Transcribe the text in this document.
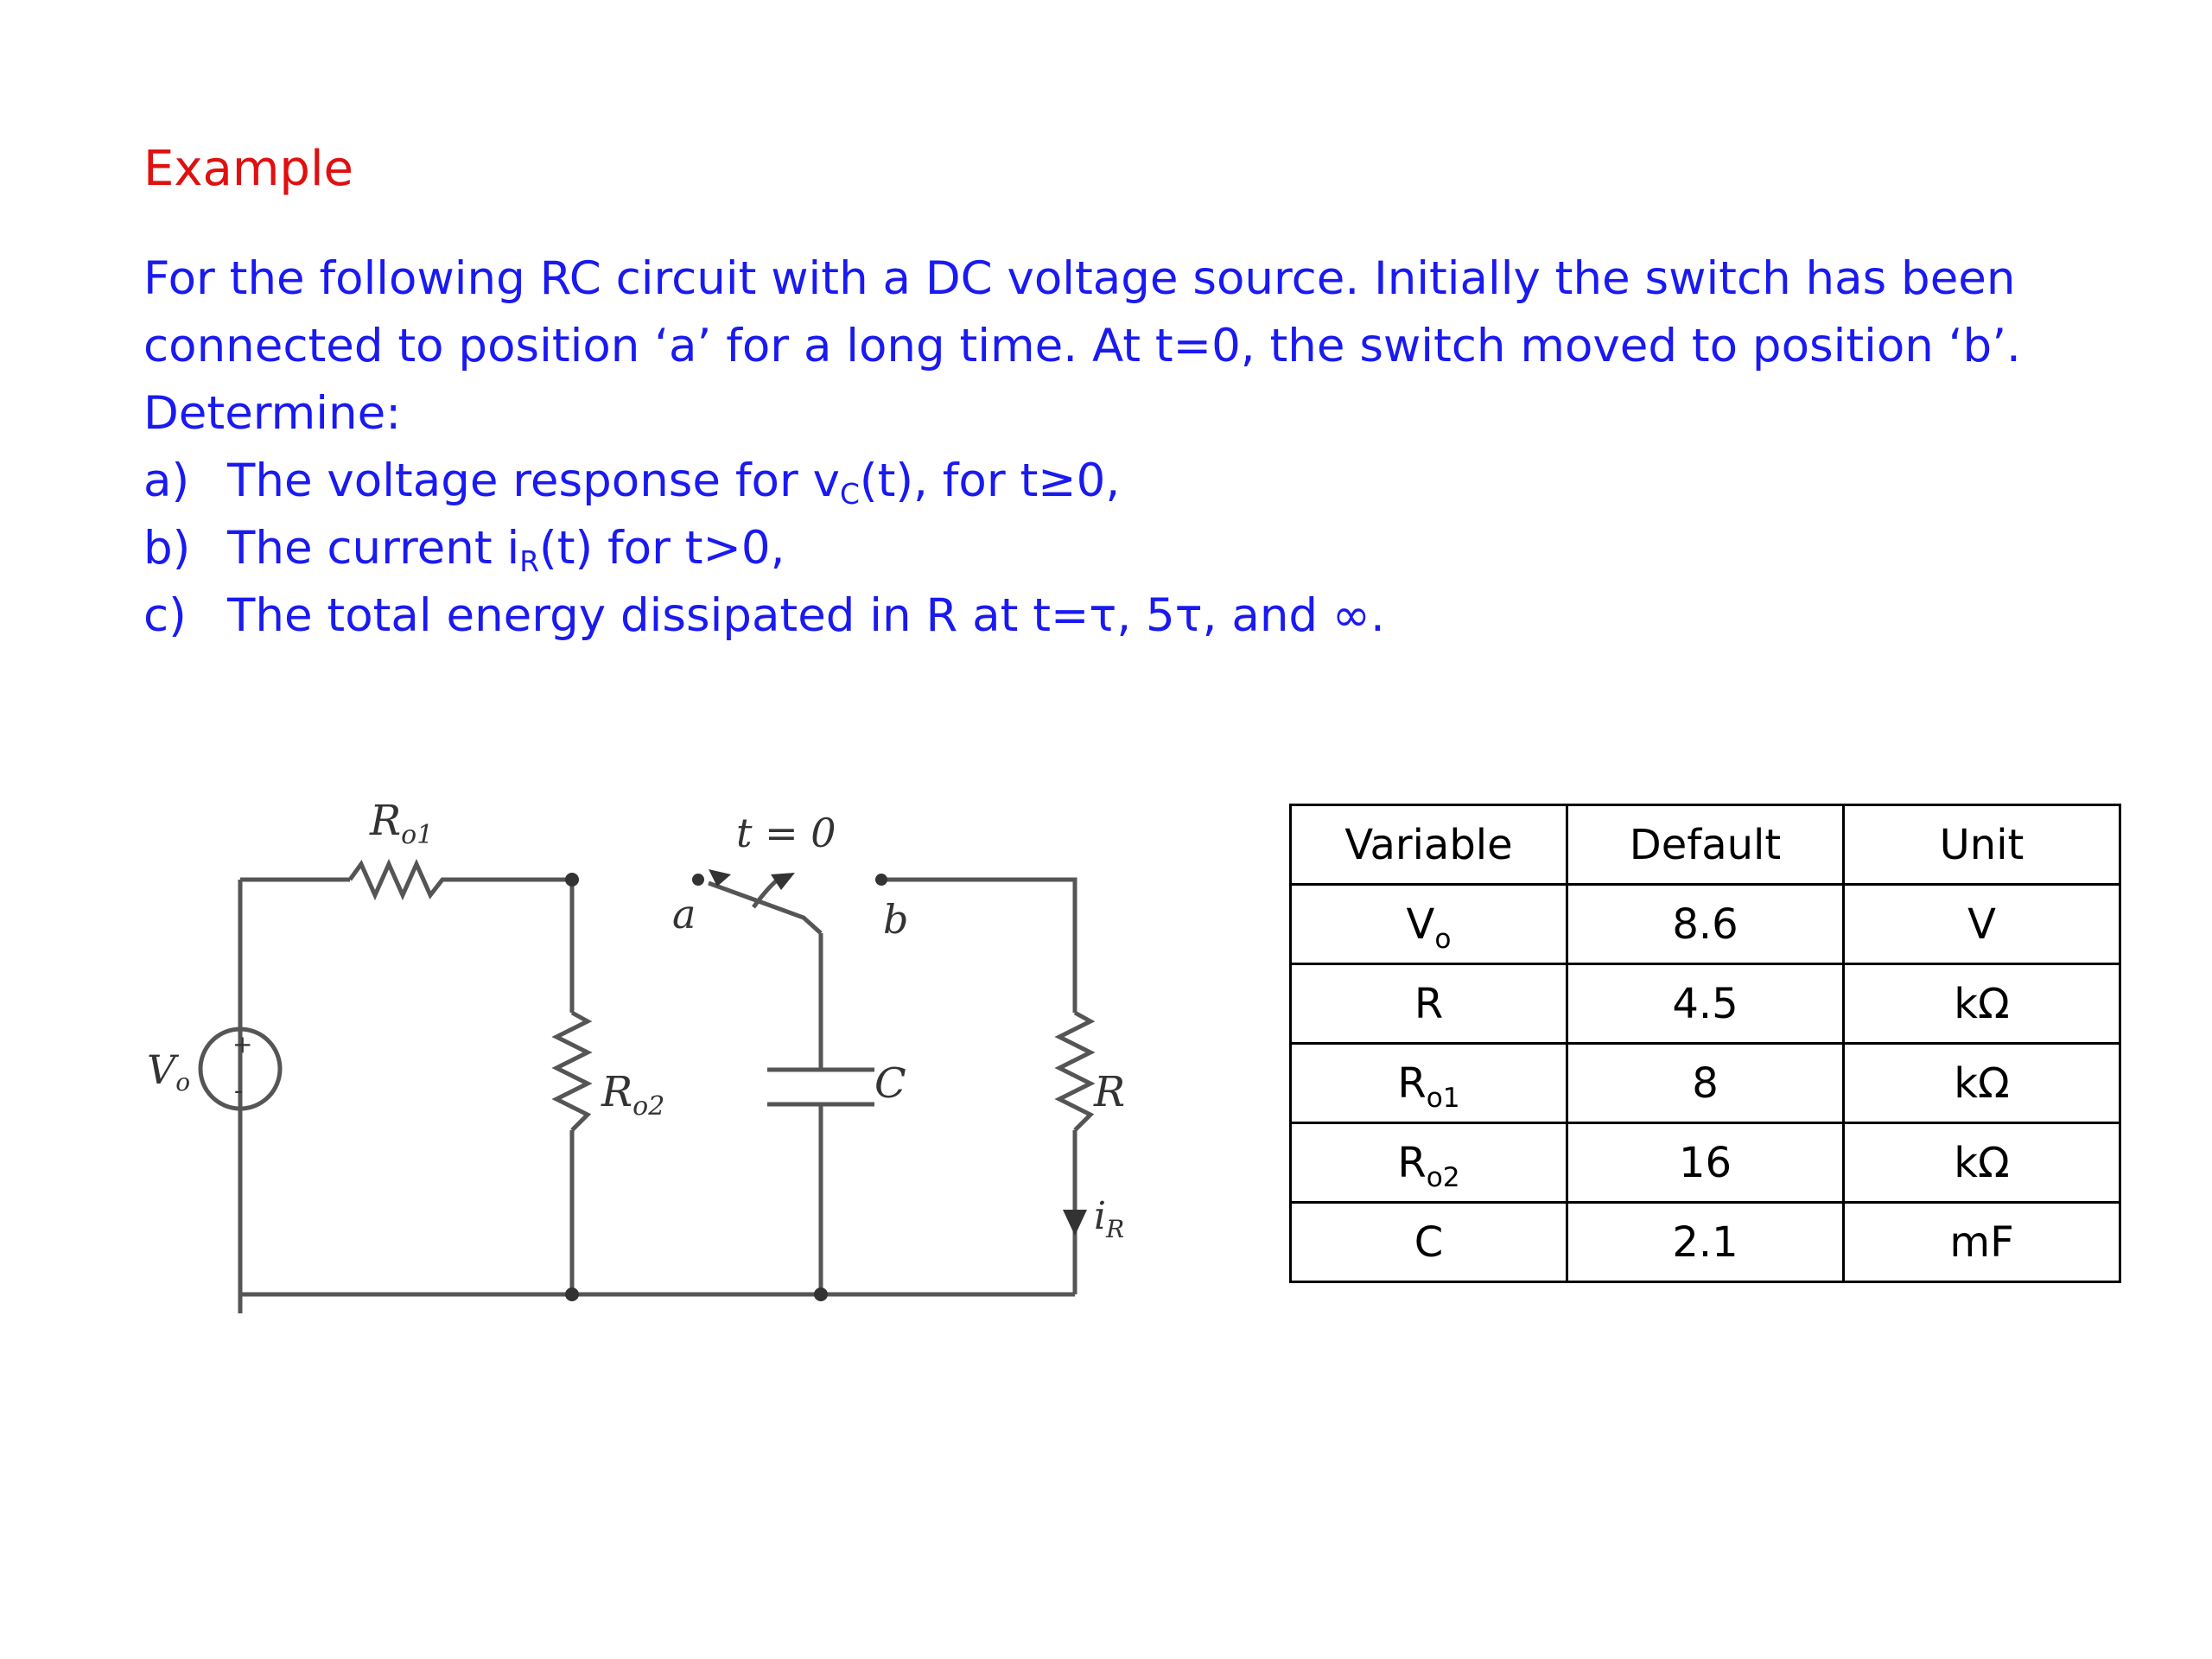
Example

For the following RC circuit with a DC voltage source. Initially the switch has been connected to position ‘a’ for a long time. At t=0, the switch moved to position ‘b’. Determine:

a) The voltage response for $v_C(t)$, for t≥0,
b) The current $i_R(t)$ for t>0,
c) The total energy dissipated in R at t=τ, 5τ, and ∞.
+
-
$R_{o1}$
$R_{o2}$
t = 0
a	b
C	R
Vo
$i_R$
Variable	Default	Unit
$V_o$	8.6	V
R	4.5	kΩ
$R_{o1}$	8	kΩ
$R_{o2}$	16	kΩ
C	2.1	mF
